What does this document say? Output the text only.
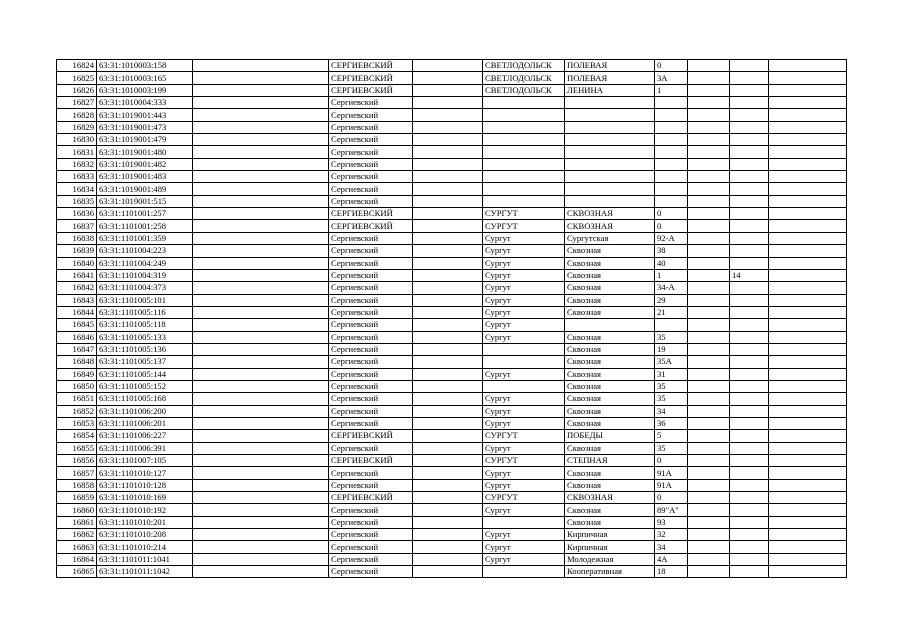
16824	63:31:1010003:158		СЕРГИЕВСКИЙ		СВЕТЛОДОЛЬСК	ПОЛЕВАЯ	0			
16825	63:31:1010003:165		СЕРГИЕВСКИЙ		СВЕТЛОДОЛЬСК	ПОЛЕВАЯ	3А			
16826	63:31:1010003:199		СЕРГИЕВСКИЙ		СВЕТЛОДОЛЬСК	ЛЕНИНА	1			
16827	63:31:1010004:333		Сергиевский							
16828	63:31:1019001:443		Сергиевский							
16829	63:31:1019001:473		Сергиевский							
16830	63:31:1019001:479		Сергиевский							
16831	63:31:1019001:480		Сергиевский							
16832	63:31:1019001:482		Сергиевский							
16833	63:31:1019001:483		Сергиевский							
16834	63:31:1019001:489		Сергиевский							
16835	63:31:1019001:515		Сергиевский							
16836	63:31:1101001:257		СЕРГИЕВСКИЙ		СУРГУТ	СКВОЗНАЯ	0			
16837	63:31:1101001:258		СЕРГИЕВСКИЙ		СУРГУТ	СКВОЗНАЯ	0			
16838	63:31:1101001:359		Сергиевский		Сургут	Сургутская	92-А			
16839	63:31:1101004:223		Сергиевский		Сургут	Сквозная	38			
16840	63:31:1101004:249		Сергиевский		Сургут	Сквозная	40			
16841	63:31:1101004:319		Сергиевский		Сургут	Сквозная	1		14	
16842	63:31:1101004:373		Сергиевский		Сургут	Сквозная	34-А			
16843	63:31:1101005:101		Сергиевский		Сургут	Сквозная	29			
16844	63:31:1101005:116		Сергиевский		Сургут	Сквозная	21			
16845	63:31:1101005:118		Сергиевский		Сургут					
16846	63:31:1101005:133		Сергиевский		Сургут	Сквозная	35			
16847	63:31:1101005:136		Сергиевский			Сквозная	19			
16848	63:31:1101005:137		Сергиевский			Сквозная	35А			
16849	63:31:1101005:144		Сергиевский		Сургут	Сквозная	31			
16850	63:31:1101005:152		Сергиевский			Сквозная	35			
16851	63:31:1101005:168		Сергиевский		Сургут	Сквозная	35			
16852	63:31:1101006:200		Сергиевский		Сургут	Сквозная	34			
16853	63:31:1101006:201		Сергиевский		Сургут	Сквозная	36			
16854	63:31:1101006:227		СЕРГИЕВСКИЙ		СУРГУТ	ПОБЕДЫ	5			
16855	63:31:1101006:391		Сергиевский		Сургут	Сквозная	35			
16856	63:31:1101007:105		СЕРГИЕВСКИЙ		СУРГУТ	СТЕПНАЯ	0			
16857	63:31:1101010:127		Сергиевский		Сургут	Сквозная	91А			
16858	63:31:1101010:128		Сергиевский		Сургут	Сквозная	91А			
16859	63:31:1101010:169		СЕРГИЕВСКИЙ		СУРГУТ	СКВОЗНАЯ	0			
16860	63:31:1101010:192		Сергиевский		Сургут	Сквозная	89"А"			
16861	63:31:1101010:201		Сергиевский			Сквозная	93			
16862	63:31:1101010:208		Сергиевский		Сургут	Кирпичная	32			
16863	63:31:1101010:214		Сергиевский		Сургут	Кирпичная	34			
16864	63:31:1101011:1041		Сергиевский		Сургут	Молодежная	4А			
16865	63:31:1101011:1042		Сергиевский			Кооперативная	18			
